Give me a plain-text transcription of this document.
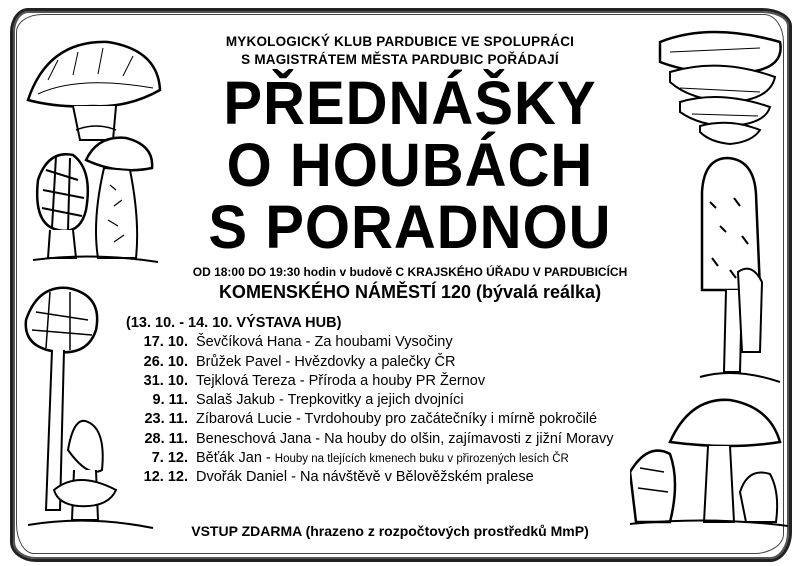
MYKOLOGICKÝ KLUB PARDUBICE VE SPOLUPRÁCI
S MAGISTRÁTEM MĚSTA PARDUBIC POŘÁDAJÍ
PŘEDNÁŠKY
O HOUBÁCH
S PORADNOU
OD 18:00 DO 19:30 hodin v budově C KRAJSKÉHO ÚŘADU V PARDUBICÍCH
KOMENSKÉHO NÁMĚSTÍ 120 (bývalá reálka)
(13. 10. - 14. 10. VÝSTAVA HUB)
17. 10. Ševčíková Hana - Za houbami Vysočiny
26. 10. Brůžek Pavel - Hvězdovky a palečky ČR
31. 10. Tejklová Tereza - Příroda a houby PR Žernov
9. 11. Salaš Jakub - Trepkovitky a jejich dvojníci
23. 11. Zíbarová Lucie - Tvrdohouby pro začátečníky i mírně pokročilé
28. 11. Beneschová Jana - Na houby do olšin, zajímavosti z jižní Moravy
7. 12. Běťák Jan - Houby na tlejících kmenech buku v přirozených lesích ČR
12. 12. Dvořák Daniel - Na návštěvě v Bělověžském pralese
VSTUP ZDARMA (hrazeno z rozpočtových prostředků MmP)
